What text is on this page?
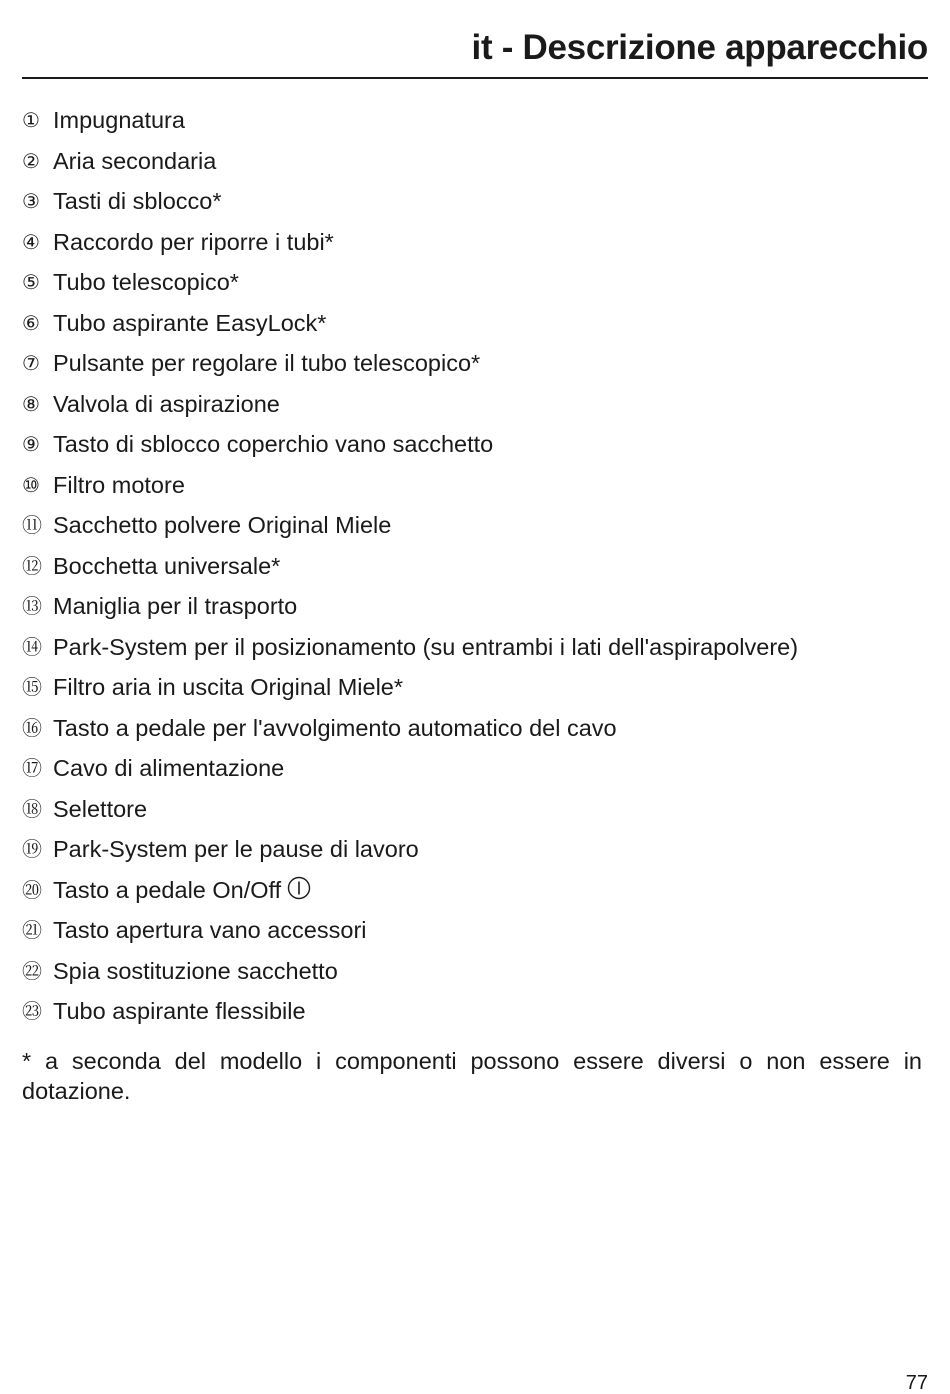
it - Descrizione apparecchio
① Impugnatura
② Aria secondaria
③ Tasti di sblocco*
④ Raccordo per riporre i tubi*
⑤ Tubo telescopico*
⑥ Tubo aspirante EasyLock*
⑦ Pulsante per regolare il tubo telescopico*
⑧ Valvola di aspirazione
⑨ Tasto di sblocco coperchio vano sacchetto
⑩ Filtro motore
⑪ Sacchetto polvere Original Miele
⑫ Bocchetta universale*
⑬ Maniglia per il trasporto
⑭ Park-System per il posizionamento (su entrambi i lati dell'aspirapolvere)
⑮ Filtro aria in uscita Original Miele*
⑯ Tasto a pedale per l'avvolgimento automatico del cavo
⑰ Cavo di alimentazione
⑱ Selettore
⑲ Park-System per le pause di lavoro
⑳ Tasto a pedale On/Off
㉑ Tasto apertura vano accessori
㉒ Spia sostituzione sacchetto
㉓ Tubo aspirante flessibile

* a seconda del modello i componenti possono essere diversi o non essere in dotazione.

77
